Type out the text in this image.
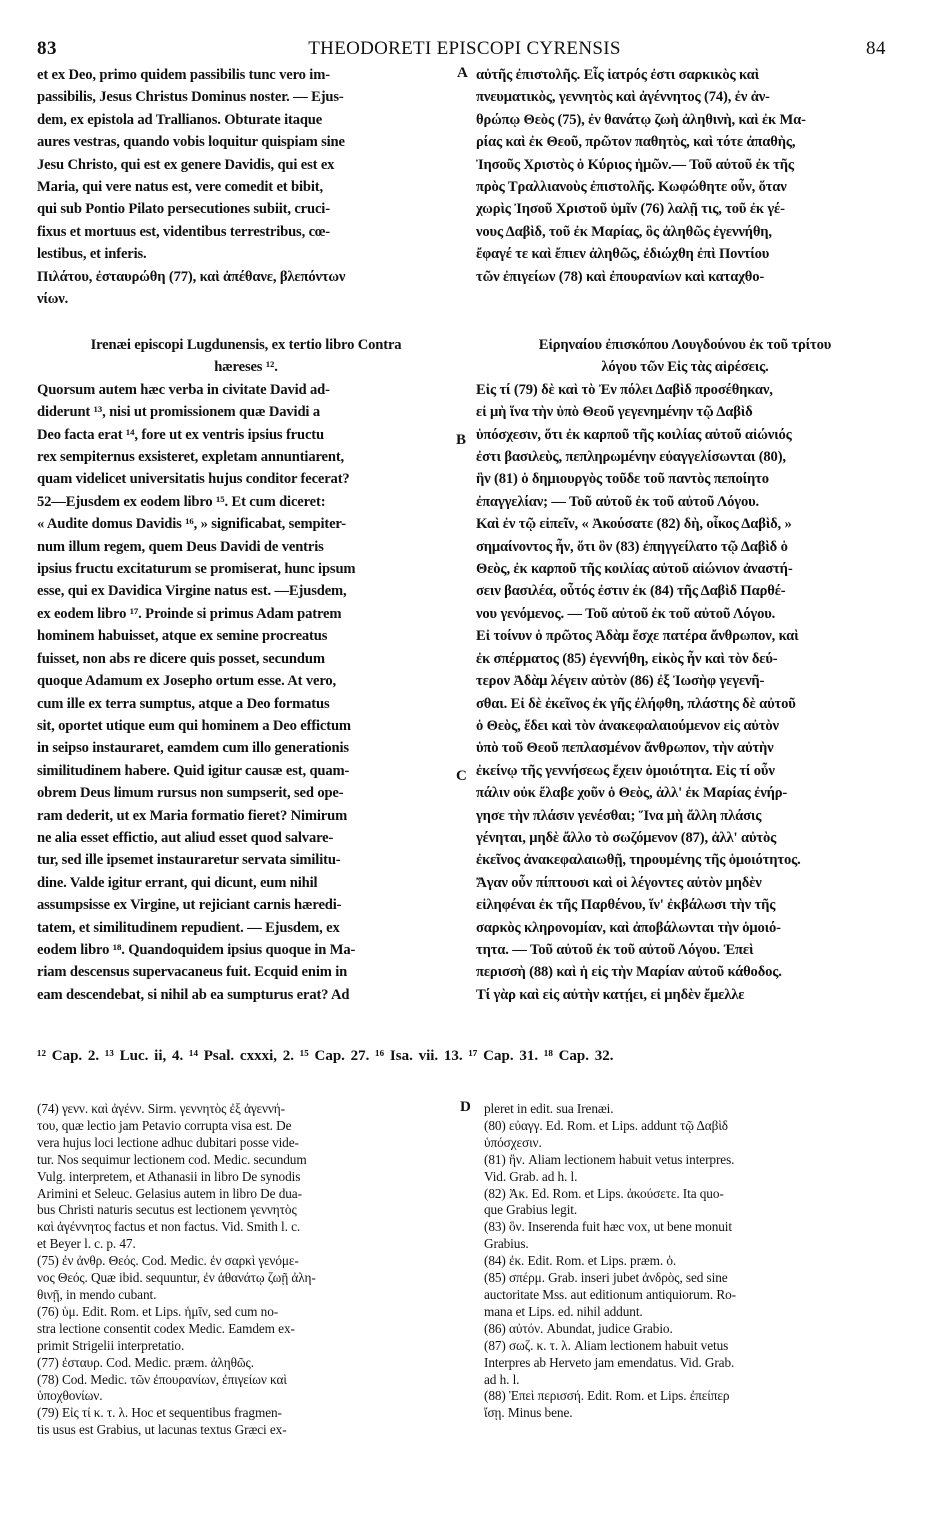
THEODORETI EPISCOPI CYRENSIS
83	84
et ex Deo, primo quidem passibilis tunc vero im-
passibilis, Jesus Christus Dominus noster. — Ejus-
dem, ex epistola ad Trallianos. Obturate itaque
aures vestras, quando vobis loquitur quispiam sine
Jesu Christo, qui est ex genere Davidis, qui est ex
Maria, qui vere natus est, vere comedit et bibit,
qui sub Pontio Pilato persecutiones subiit, cruci-
fixus et mortuus est, videntibus terrestribus, cœ-
lestibus, et inferis.
Πιλάτου, ἐσταυρώθη (77), καὶ ἀπέθανε, βλεπόντων
νίων.
αὐτῆς ἐπιστολῆς. Εἷς ἰατρός ἐστι σαρκικὸς καὶ
πνευματικὸς, γεννητὸς καὶ ἀγέννητος (74), ἐν ἀν-
θρώπῳ Θεὸς (75), ἐν θανάτῳ ζωὴ ἀληθινὴ, καὶ ἐκ Μα-
ρίας καὶ ἐκ Θεοῦ, πρῶτον παθητὸς, καὶ τότε ἀπαθὴς,
Ἰησοῦς Χριστὸς ὁ Κύριος ἡμῶν.— Τοῦ αὐτοῦ ἐκ τῆς
πρὸς Τραλλιανοὺς ἐπιστολῆς. Κωφώθητε οὖν, ὅταν
χωρὶς Ἰησοῦ Χριστοῦ ὑμῖν (76) λαλῇ τις, τοῦ ἐκ γέ-
νους Δαβὶδ, τοῦ ἐκ Μαρίας, ὃς ἀληθῶς ἐγεννήθη,
ἔφαγέ τε καὶ ἔπιεν ἀληθῶς, ἐδιώχθη ἐπὶ Ποντίου
τῶν ἐπιγείων (78) καὶ ἐπουρανίων καὶ καταχθο-
Irenæi episcopi Lugdunensis, ex tertio libro Contra
hæreses ¹².
Quorsum autem hæc verba in civitate David ad-
diderunt ¹³, nisi ut promissionem quæ Davidi a
Deo facta erat ¹⁴, fore ut ex ventris ipsius fructu
rex sempiternus exsisteret, expletam annuntiarent,
quam videlicet universitatis hujus conditor fecerat?
52—Ejusdem ex eodem libro ¹⁵. Et cum diceret:
« Audite domus Davidis ¹⁶, » significabat, sempiter-
num illum regem, quem Deus Davidi de ventris
ipsius fructu excitaturum se promiserat, hunc ipsum
esse, qui ex Davidica Virgine natus est. —Ejusdem,
ex eodem libro ¹⁷. Proinde si primus Adam patrem
hominem habuisset, atque ex semine procreatus
fuisset, non abs re dicere quis posset, secundum
quoque Adamum ex Josepho ortum esse. At vero,
cum ille ex terra sumptus, atque a Deo formatus
sit, oportet utique eum qui hominem a Deo effictum
in seipso instauraret, eamdem cum illo generationis
similitudinem habere. Quid igitur causæ est, quam-
obrem Deus limum rursus non sumpserit, sed ope-
ram dederit, ut ex Maria formatio fieret? Nimirum
ne alia esset effictio, aut aliud esset quod salvare-
tur, sed ille ipsemet instauraretur servata similitu-
dine. Valde igitur errant, qui dicunt, eum nihil
assumpsisse ex Virgine, ut rejiciant carnis hæredi-
tatem, et similitudinem repudient. — Ejusdem, ex
eodem libro ¹⁸. Quandoquidem ipsius quoque in Ma-
riam descensus supervacaneus fuit. Ecquid enim in
eam descendebat, si nihil ab ea sumpturus erat? Ad
Εἰρηναίου ἐπισκόπου Λουγδούνου ἐκ τοῦ τρίτου
λόγου τῶν Εἰς τὰς αἱρέσεις.
Εἰς τί (79) δὲ καὶ τὸ Ἐν πόλει Δαβὶδ προσέθηκαν,
εἰ μὴ ἵνα τὴν ὑπὸ Θεοῦ γεγενημένην τῷ Δαβὶδ
ὑπόσχεσιν, ὅτι ἐκ καρποῦ τῆς κοιλίας αὐτοῦ αἰώνιός
ἐστι βασιλεὺς, πεπληρωμένην εὐαγγελίσωνται (80),
ἣν (81) ὁ δημιουργὸς τοῦδε τοῦ παντὸς πεποίητο
ἐπαγγελίαν; — Τοῦ αὐτοῦ ἐκ τοῦ αὐτοῦ Λόγου.
Καὶ ἐν τῷ εἰπεῖν, « Ἀκούσατε (82) δὴ, οἶκος Δαβὶδ, »
σημαίνοντος ἦν, ὅτι ὃν (83) ἐπηγγείλατο τῷ Δαβὶδ ὁ
Θεὸς, ἐκ καρποῦ τῆς κοιλίας αὐτοῦ αἰώνιον ἀναστή-
σειν βασιλέα, οὗτός ἐστιν ἐκ (84) τῆς Δαβὶδ Παρθέ-
νου γενόμενος. — Τοῦ αὐτοῦ ἐκ τοῦ αὐτοῦ Λόγου.
Εἰ τοίνυν ὁ πρῶτος Ἀδὰμ ἔσχε πατέρα ἄνθρωπον, καὶ
ἐκ σπέρματος (85) ἐγεννήθη, εἰκὸς ἦν καὶ τὸν δεύ-
τερον Ἀδὰμ λέγειν αὐτὸν (86) ἐξ Ἰωσὴφ γεγενῆ-
σθαι. Εἰ δὲ ἐκεῖνος ἐκ γῆς ἐλήφθη, πλάστης δὲ αὐτοῦ
ὁ Θεὸς, ἔδει καὶ τὸν ἀνακεφαλαιούμενον εἰς αὐτὸν
ὑπὸ τοῦ Θεοῦ πεπλασμένον ἄνθρωπον, τὴν αὐτὴν
ἐκείνῳ τῆς γεννήσεως ἔχειν ὁμοιότητα. Εἰς τί οὖν
πάλιν οὐκ ἔλαβε χοῦν ὁ Θεὸς, ἀλλ' ἐκ Μαρίας ἐνήρ-
γησε τὴν πλάσιν γενέσθαι; Ἵνα μὴ ἄλλη πλάσις
γένηται, μηδὲ ἄλλο τὸ σωζόμενον (87), ἀλλ' αὐτὸς
ἐκεῖνος ἀνακεφαλαιωθῇ, τηρουμένης τῆς ὁμοιότητος.
Ἄγαν οὖν πίπτουσι καὶ οἱ λέγοντες αὐτὸν μηδὲν
εἰληφέναι ἐκ τῆς Παρθένου, ἵν' ἐκβάλωσι τὴν τῆς
σαρκὸς κληρονομίαν, καὶ ἀποβάλωνται τὴν ὁμοιό-
τητα. — Τοῦ αὐτοῦ ἐκ τοῦ αὐτοῦ Λόγου. Ἐπεὶ
περισσὴ (88) καὶ ἡ εἰς τὴν Μαρίαν αὐτοῦ κάθοδος.
Τί γὰρ καὶ εἰς αὐτὴν κατῄει, εἰ μηδὲν ἔμελλε
A
B
C
D
¹² Cap. 2. ¹³ Luc. ii, 4. ¹⁴ Psal. cxxxi, 2. ¹⁵ Cap. 27. ¹⁶ Isa. vii. 13. ¹⁷ Cap. 31. ¹⁸ Cap. 32.
(74) γενν. καὶ ἀγένν. Sirm. γεννητὸς ἐξ ἀγεννή-
του, quæ lectio jam Petavio corrupta visa est. De
vera hujus loci lectione adhuc dubitari posse vide-
tur. Nos sequimur lectionem cod. Medic. secundum
Vulg. interpretem, et Athanasii in libro De synodis
Arimini et Seleuc. Gelasius autem in libro De dua-
bus Christi naturis secutus est lectionem γεννητὸς
καὶ ἀγέννητος factus et non factus. Vid. Smith l. c.
et Beyer l. c. p. 47.
(75) ἐν ἀνθρ. Θεός. Cod. Medic. ἐν σαρκὶ γενόμε-
νος Θεός. Quæ ibid. sequuntur, ἐν ἀθανάτῳ ζωῇ ἀλη-
θινῇ, in mendo cubant.
(76) ὑμ. Edit. Rom. et Lips. ἡμῖν, sed cum no-
stra lectione consentit codex Medic. Eamdem ex-
primit Strigelii interpretatio.
(77) ἐσταυρ. Cod. Medic. præm. ἀληθῶς.
(78) Cod. Medic. τῶν ἐπουρανίων, ἐπιγείων καὶ
ὑποχθονίων.
(79) Εἰς τί κ. τ. λ. Hoc et sequentibus fragmen-
tis usus est Grabius, ut lacunas textus Græci ex-
pleret in edit. sua Irenæi.
(80) εὐαγγ. Ed. Rom. et Lips. addunt τῷ Δαβὶδ
ὑπόσχεσιν.
(81) ἣν. Aliam lectionem habuit vetus interpres.
Vid. Grab. ad h. l.
(82) Ἀκ. Ed. Rom. et Lips. ἀκούσετε. Ita quo-
que Grabius legit.
(83) ὃν. Inserenda fuit hæc vox, ut bene monuit
Grabius.
(84) ἐκ. Edit. Rom. et Lips. præm. ὁ.
(85) σπέρμ. Grab. inseri jubet ἀνδρὸς, sed sine
auctoritate Mss. aut editionum antiquiorum. Ro-
mana et Lips. ed. nihil addunt.
(86) αὐτόν. Abundat, judice Grabio.
(87) σωζ. κ. τ. λ. Aliam lectionem habuit vetus
Interpres ab Herveto jam emendatus. Vid. Grab.
ad h. l.
(88) Ἐπεὶ περισσή. Edit. Rom. et Lips. ἐπείπερ
ἴσῃ. Minus bene.
